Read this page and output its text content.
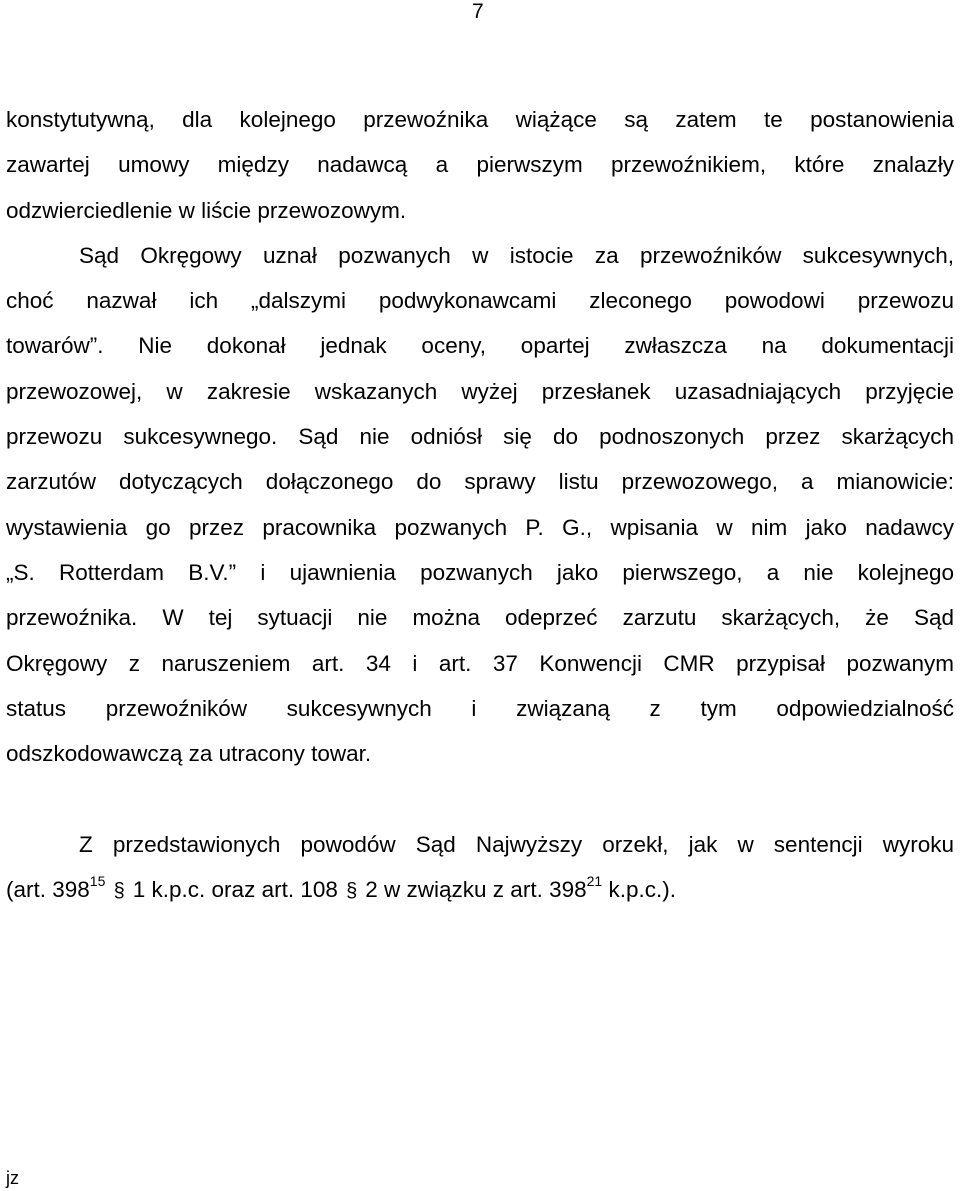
7

konstytutywną, dla kolejnego przewoźnika wiążące są zatem te postanowienia
zawartej umowy między nadawcą a pierwszym przewoźnikiem, które znalazły
odzwierciedlenie w liście przewozowym.

Sąd Okręgowy uznał pozwanych w istocie za przewoźników sukcesywnych,
choć nazwał ich „dalszymi podwykonawcami zleconego powodowi przewozu
towarów”. Nie dokonał jednak oceny, opartej zwłaszcza na dokumentacji
przewozowej, w zakresie wskazanych wyżej przesłanek uzasadniających przyjęcie
przewozu sukcesywnego. Sąd nie odniósł się do podnoszonych przez skarżących
zarzutów dotyczących dołączonego do sprawy listu przewozowego, a mianowicie:
wystawienia go przez pracownika pozwanych P. G., wpisania w nim jako nadawcy
„S. Rotterdam B.V.” i ujawnienia pozwanych jako pierwszego, a nie kolejnego
przewoźnika. W tej sytuacji nie można odeprzeć zarzutu skarżących, że Sąd
Okręgowy z naruszeniem art. 34 i art. 37 Konwencji CMR przypisał pozwanym
status przewoźników sukcesywnych i związaną z tym odpowiedzialność
odszkodowawczą za utracony towar.

Z przedstawionych powodów Sąd Najwyższy orzekł, jak w sentencji wyroku
(art. $398^{15}$ § 1 k.p.c. oraz art. 108 § 2 w związku z art. $398^{21}$ k.p.c.).

jz
